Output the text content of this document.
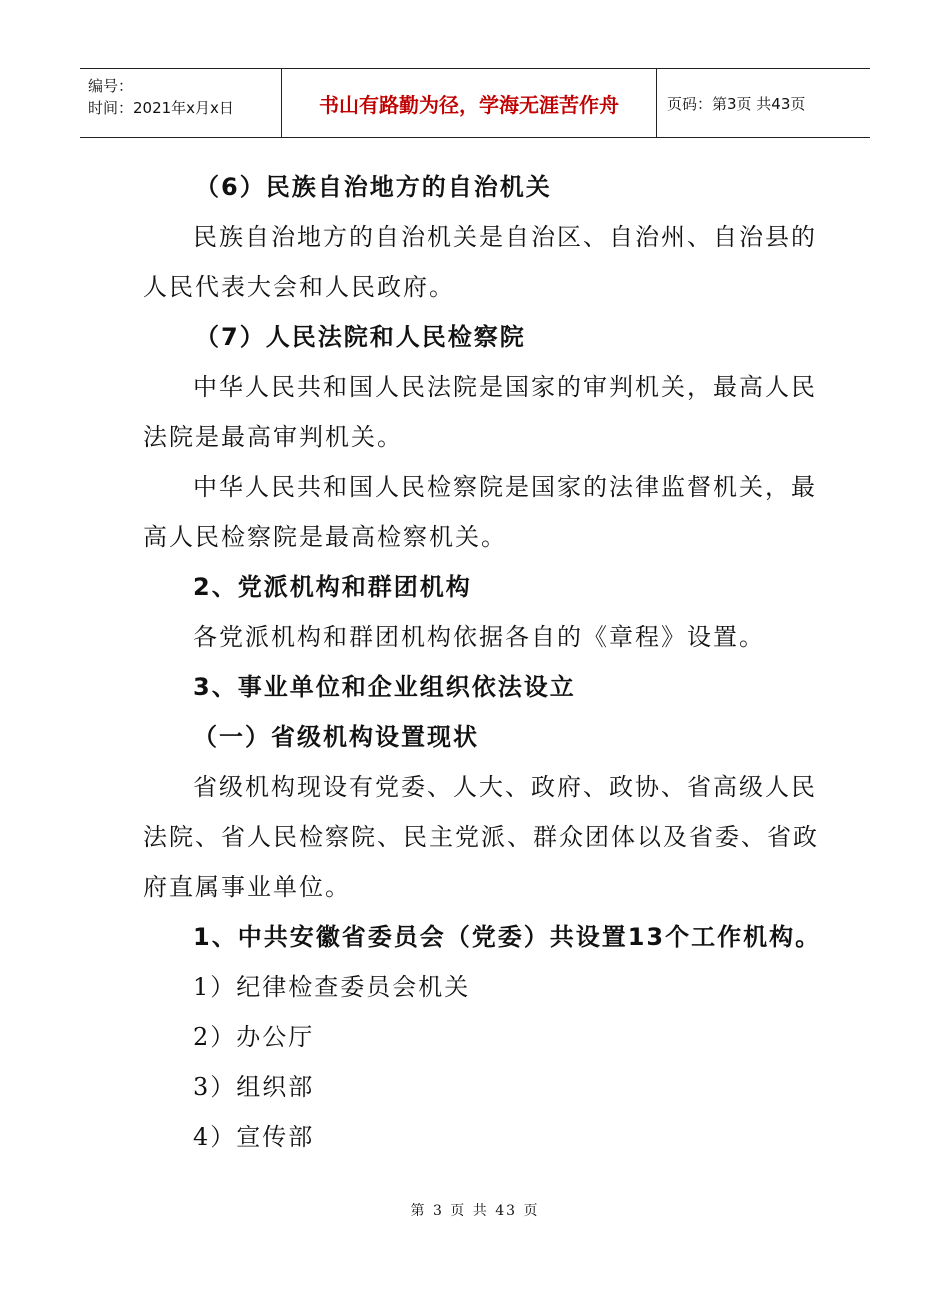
编号：
时间：2021年x月x日	书山有路勤为径，学海无涯苦作舟	页码：第3页 共43页
（6）民族自治地方的自治机关
民族自治地方的自治机关是自治区、自治州、自治县的
人民代表大会和人民政府。
（7）人民法院和人民检察院
中华人民共和国人民法院是国家的审判机关，最高人民
法院是最高审判机关。
中华人民共和国人民检察院是国家的法律监督机关，最
高人民检察院是最高检察机关。
2、党派机构和群团机构
各党派机构和群团机构依据各自的《章程》设置。
3、事业单位和企业组织依法设立
（一）省级机构设置现状
省级机构现设有党委、人大、政府、政协、省高级人民
法院、省人民检察院、民主党派、群众团体以及省委、省政
府直属事业单位。
1、中共安徽省委员会（党委）共设置13个工作机构。
1）纪律检查委员会机关
2）办公厅
3）组织部
4）宣传部
第 3 页 共 43 页
